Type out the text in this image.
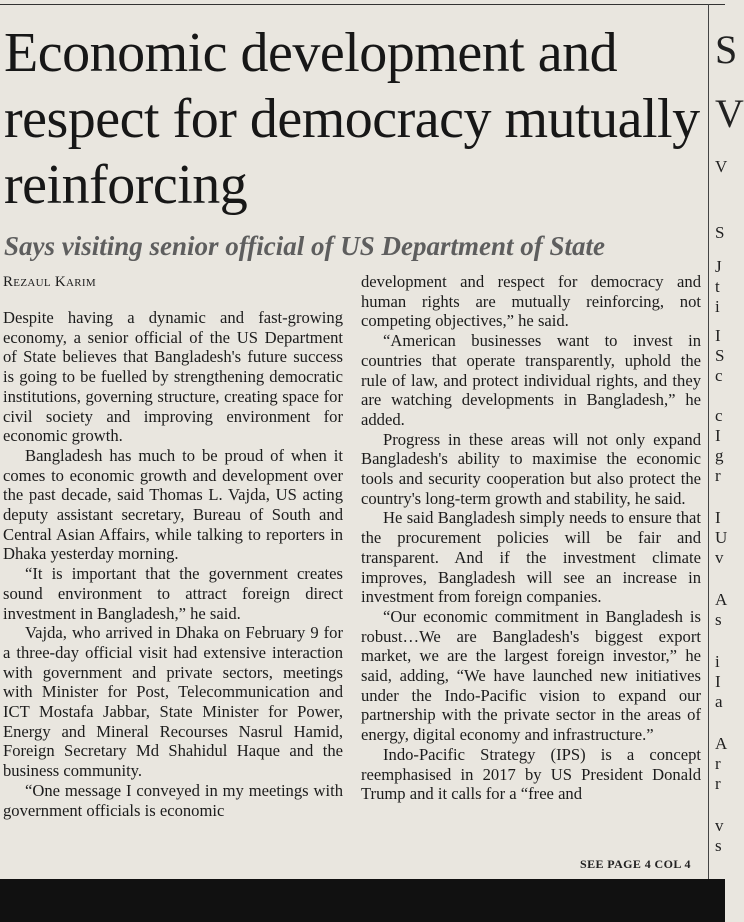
Economic development and respect for democracy mutually reinforcing
Says visiting senior official of US Department of State
Rezaul Karim

Despite having a dynamic and fast-growing economy, a senior official of the US Department of State believes that Bangladesh's future success is going to be fuelled by strengthening democratic institutions, governing structure, creating space for civil society and improving environment for economic growth.

Bangladesh has much to be proud of when it comes to economic growth and development over the past decade, said Thomas L. Vajda, US acting deputy assistant secretary, Bureau of South and Central Asian Affairs, while talking to reporters in Dhaka yesterday morning.

“It is important that the government creates sound environment to attract foreign direct investment in Bangladesh,” he said.

Vajda, who arrived in Dhaka on February 9 for a three-day official visit had extensive interaction with government and private sectors, meetings with Minister for Post, Telecommunication and ICT Mostafa Jabbar, State Minister for Power, Energy and Mineral Recourses Nasrul Hamid, Foreign Secretary Md Shahidul Haque and the business community.

“One message I conveyed in my meetings with government officials is economic

development and respect for democracy and human rights are mutually reinforcing, not competing objectives,” he said.

“American businesses want to invest in countries that operate transparently, uphold the rule of law, and protect individual rights, and they are watching developments in Bangladesh,” he added.

Progress in these areas will not only expand Bangladesh's ability to maximise the economic tools and security cooperation but also protect the country's long-term growth and stability, he said.

He said Bangladesh simply needs to ensure that the procurement policies will be fair and transparent. And if the investment climate improves, Bangladesh will see an increase in investment from foreign companies.

“Our economic commitment in Bangladesh is robust…We are Bangladesh's biggest export market, we are the largest foreign investor,” he said, adding, “We have launched new initiatives under the Indo-Pacific vision to expand our partnership with the private sector in the areas of energy, digital economy and infrastructure.”

Indo-Pacific Strategy (IPS) is a concept reemphasised in 2017 by US President Donald Trump and it calls for a “free and

SEE PAGE 4 COL 4
S
V
V
S
J
t
i
I
S
c
c
I
g
r
I
U
v
A
s
i
I
a
A
r
r
v
s
